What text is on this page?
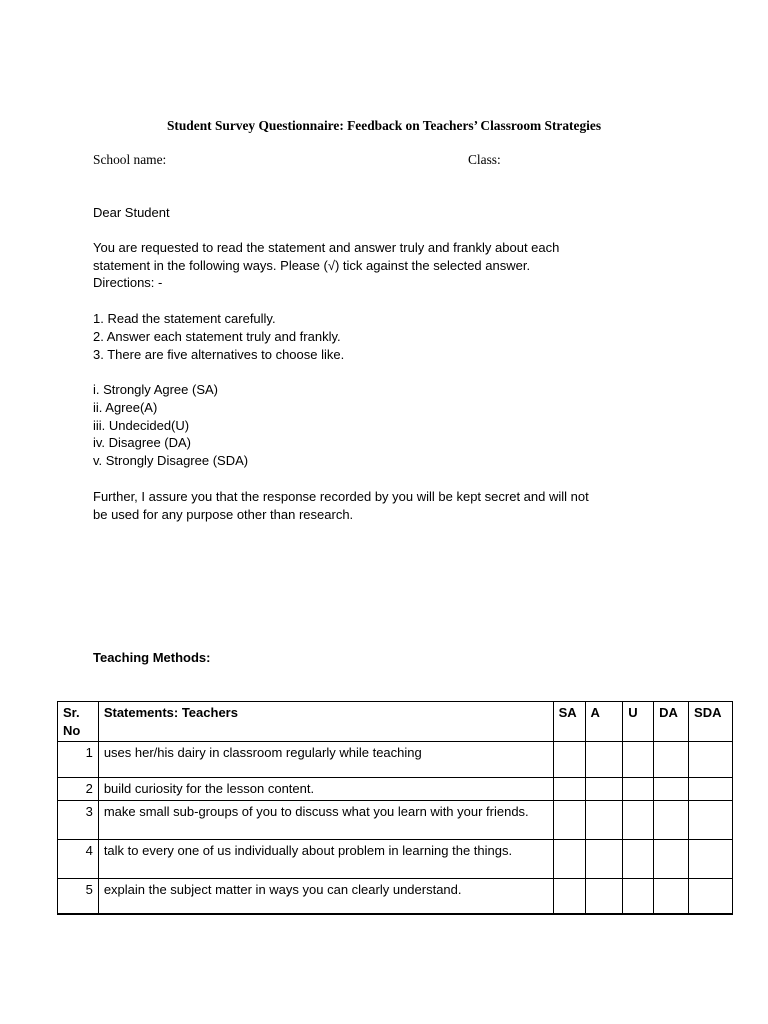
Student Survey Questionnaire: Feedback on Teachers’ Classroom Strategies
School name:	Class:
Dear Student
You are requested to read the statement and answer truly and frankly about each
statement in the following ways. Please (√) tick against the selected answer.
Directions: -
1. Read the statement carefully.
2. Answer each statement truly and frankly.
3. There are five alternatives to choose like.
i. Strongly Agree (SA)
ii. Agree(A)
iii. Undecided(U)
iv. Disagree (DA)
v. Strongly Disagree (SDA)
Further, I assure you that the response recorded by you will be kept secret and will not
be used for any purpose other than research.
Teaching Methods:
Sr. No	Statements: Teachers	SA	A	U	DA	SDA
1	uses her/his dairy in classroom regularly while teaching					
2	build curiosity for the lesson content.					
3	make small sub-groups of you to discuss what you learn with your friends.					
4	talk to every one of us individually about problem in learning the things.					
5	explain the subject matter in ways you can clearly understand.					
